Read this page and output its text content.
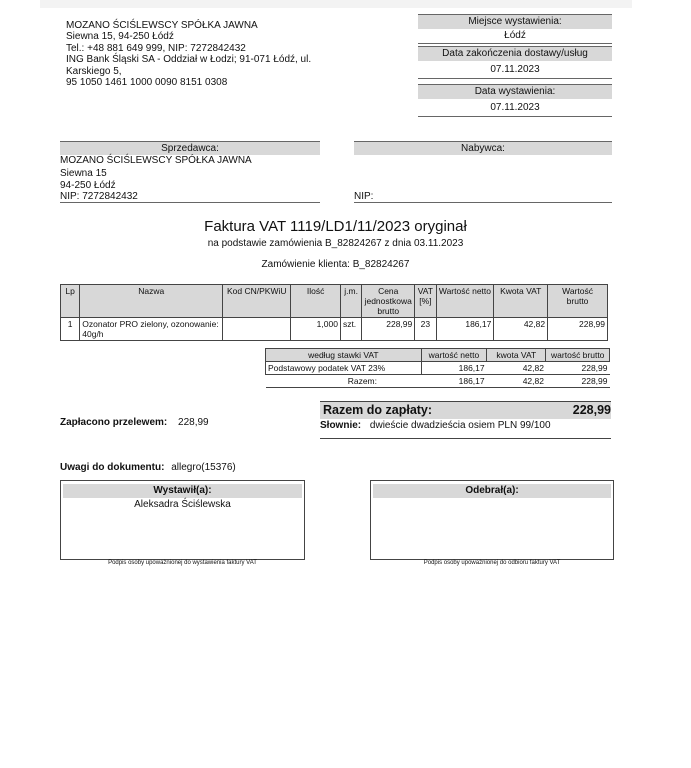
MOZANO ŚCIŚLEWSCY SPÓŁKA JAWNA
Siewna 15, 94-250 Łódź
Tel.: +48 881 649 999, NIP: 7272842432
ING Bank Śląski SA - Oddział w Łodzi; 91-071 Łódź, ul.
Karskiego 5,
95 1050 1461 1000 0090 8151 0308
Miejsce wystawienia:
Łódź
Data zakończenia dostawy/usług
07.11.2023
Data wystawienia:
07.11.2023
Sprzedawca:
MOZANO ŚCIŚLEWSCY SPÓŁKA JAWNA
Siewna 15
94-250 Łódź
NIP: 7272842432
Nabywca:
NIP:
Faktura VAT 1119/LD1/11/2023 oryginał
na podstawie zamówienia B_82824267 z dnia 03.11.2023
Zamówienie klienta: B_82824267
Lp	Nazwa	Kod CN/PKWiU	Ilość	j.m.	Cena jednostkowa brutto	VAT [%]	Wartość netto	Kwota VAT	Wartość brutto
1	Ozonator PRO zielony, ozonowanie: 40g/h		1,000	szt.	228,99	23	186,17	42,82	228,99
według stawki VAT	wartość netto	kwota VAT	wartość brutto
Podstawowy podatek VAT 23%	186,17	42,82	228,99
Razem:	186,17	42,82	228,99
Zapłacono przelewem: 228,99
Razem do zapłaty:	228,99
Słownie: dwieście dwadzieścia osiem PLN 99/100
Uwagi do dokumentu: allegro(15376)
Wystawił(a):
Aleksadra Ściślewska
Podpis osoby upoważnionej do wystawienia faktury VAT
Odebrał(a):
Podpis osoby upoważnionej do odbioru faktury VAT
